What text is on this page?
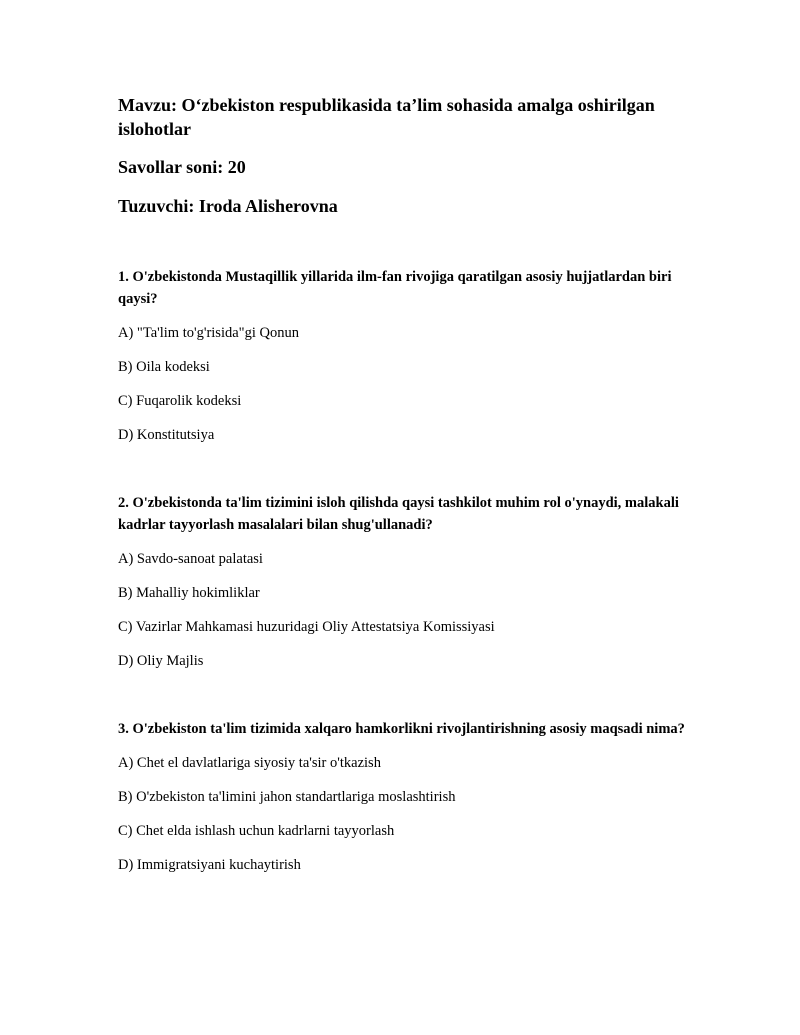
Mavzu: O‘zbekiston respublikasida ta’lim sohasida amalga oshirilgan islohotlar

Savollar soni: 20

Tuzuvchi: Iroda Alisherovna

1. O'zbekistonda Mustaqillik yillarida ilm-fan rivojiga qaratilgan asosiy hujjatlardan biri qaysi?

A) "Ta'lim to'g'risida"gi Qonun

B) Oila kodeksi

C) Fuqarolik kodeksi

D) Konstitutsiya

2. O'zbekistonda ta'lim tizimini isloh qilishda qaysi tashkilot muhim rol o'ynaydi, malakali kadrlar tayyorlash masalalari bilan shug'ullanadi?

A) Savdo-sanoat palatasi

B) Mahalliy hokimliklar

C) Vazirlar Mahkamasi huzuridagi Oliy Attestatsiya Komissiyasi

D) Oliy Majlis

3. O'zbekiston ta'lim tizimida xalqaro hamkorlikni rivojlantirishning asosiy maqsadi nima?

A) Chet el davlatlariga siyosiy ta'sir o'tkazish

B) O'zbekiston ta'limini jahon standartlariga moslashtirish

C) Chet elda ishlash uchun kadrlarni tayyorlash

D) Immigratsiyani kuchaytirish
